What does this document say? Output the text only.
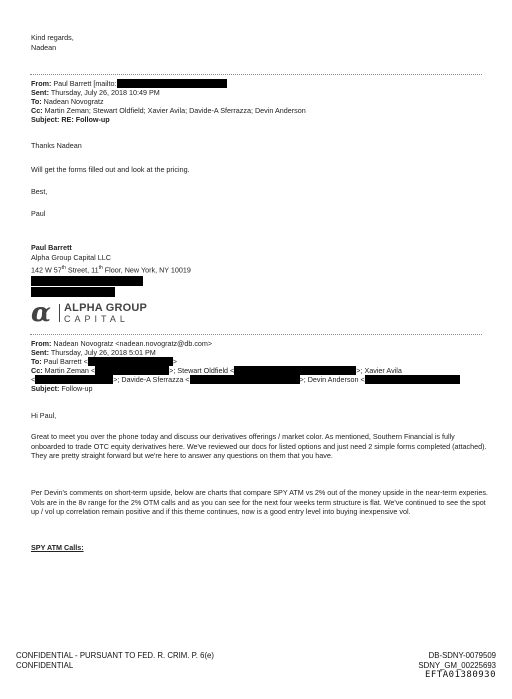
Kind regards,
Nadean
From: Paul Barrett [mailto:
Sent: Thursday, July 26, 2018 10:49 PM
To: Nadean Novogratz
Cc: Martin Zeman; Stewart Oldfield; Xavier Avila; Davide-A Sferrazza; Devin Anderson
Subject: RE: Follow-up
Thanks Nadean
Will get the forms filled out and look at the pricing.
Best,
Paul
Paul Barrett
Alpha Group Capital LLC
142 W 57th Street, 11th Floor, New York, NY 10019
α ALPHA GROUP
CAPITAL
From: Nadean Novogratz <nadean.novogratz@db.com>
Sent: Thursday, July 26, 2018 5:01 PM
To: Paul Barrett <	>
Cc: Martin Zeman <	>; Stewart Oldfield <	>; Xavier Avila
<	>; Davide-A Sferrazza <	>; Devin Anderson <
Subject: Follow-up
Hi Paul,
Great to meet you over the phone today and discuss our derivatives offerings / market color. As mentioned, Southern Financial is fully onboarded to trade OTC equity derivatives here. We've reviewed our docs for listed options and just need 2 simple forms completed (attached). They are pretty straight forward but we're here to answer any questions on them that you have.
Per Devin's comments on short-term upside, below are charts that compare SPY ATM vs 2% out of the money upside in the near-term experies. Vols are in the 8v range for the 2% OTM calls and as you can see for the next four weeks term structure is flat. We've continued to see the spot up / vol up correlation remain positive and if this theme continues, now is a good entry level into buying inexpensive vol.
SPY ATM Calls:
CONFIDENTIAL - PURSUANT TO FED. R. CRIM. P. 6(e)
CONFIDENTIAL
DB-SDNY-0079509
SDNY_GM_00225693
EFTA01380930
